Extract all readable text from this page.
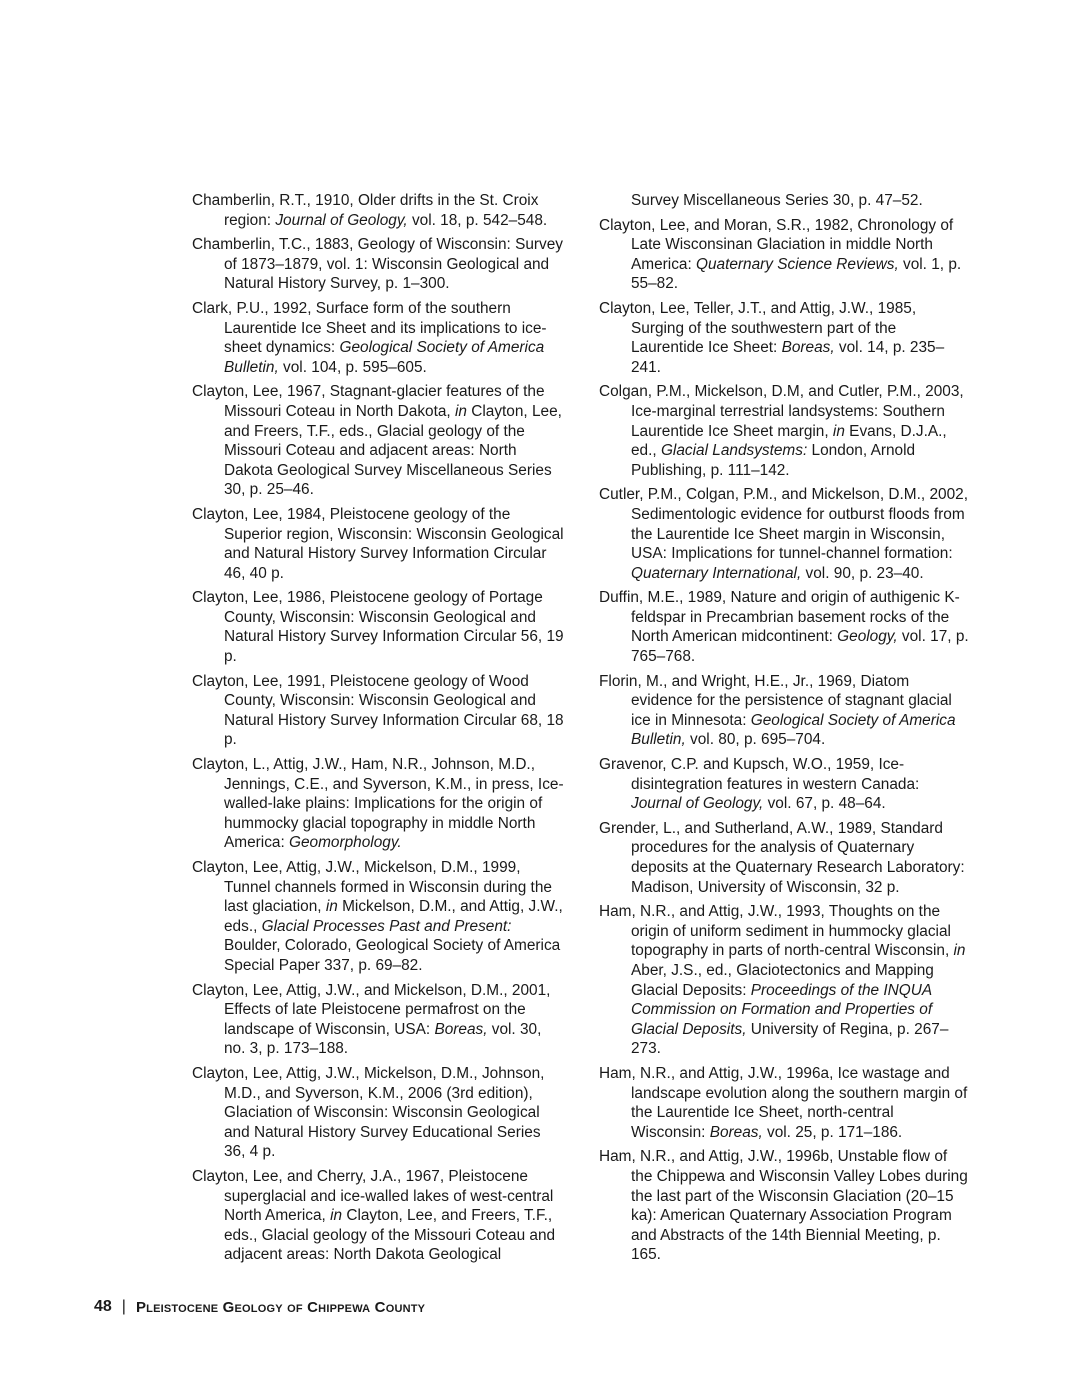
Chamberlin, R.T., 1910, Older drifts in the St. Croix region: Journal of Geology, vol. 18, p. 542–548.

Chamberlin, T.C., 1883, Geology of Wisconsin: Survey of 1873–1879, vol. 1: Wisconsin Geological and Natural History Survey, p. 1–300.

Clark, P.U., 1992, Surface form of the southern Laurentide Ice Sheet and its implications to ice-sheet dynamics: Geological Society of America Bulletin, vol. 104, p. 595–605.

Clayton, Lee, 1967, Stagnant-glacier features of the Missouri Coteau in North Dakota, in Clayton, Lee, and Freers, T.F., eds., Glacial geology of the Missouri Coteau and adjacent areas: North Dakota Geological Survey Miscellaneous Series 30, p. 25–46.

Clayton, Lee, 1984, Pleistocene geology of the Superior region, Wisconsin: Wisconsin Geological and Natural History Survey Information Circular 46, 40 p.

Clayton, Lee, 1986, Pleistocene geology of Portage County, Wisconsin: Wisconsin Geological and Natural History Survey Information Circular 56, 19 p.

Clayton, Lee, 1991, Pleistocene geology of Wood County, Wisconsin: Wisconsin Geological and Natural History Survey Information Circular 68, 18 p.

Clayton, L., Attig, J.W., Ham, N.R., Johnson, M.D., Jennings, C.E., and Syverson, K.M., in press, Ice-walled-lake plains: Implications for the origin of hummocky glacial topography in middle North America: Geomorphology.

Clayton, Lee, Attig, J.W., Mickelson, D.M., 1999, Tunnel channels formed in Wisconsin during the last glaciation, in Mickelson, D.M., and Attig, J.W., eds., Glacial Processes Past and Present: Boulder, Colorado, Geological Society of America Special Paper 337, p. 69–82.

Clayton, Lee, Attig, J.W., and Mickelson, D.M., 2001, Effects of late Pleistocene permafrost on the landscape of Wisconsin, USA: Boreas, vol. 30, no. 3, p. 173–188.

Clayton, Lee, Attig, J.W., Mickelson, D.M., Johnson, M.D., and Syverson, K.M., 2006 (3rd edition), Glaciation of Wisconsin: Wisconsin Geological and Natural History Survey Educational Series 36, 4 p.

Clayton, Lee, and Cherry, J.A., 1967, Pleistocene superglacial and ice-walled lakes of west-central North America, in Clayton, Lee, and Freers, T.F., eds., Glacial geology of the Missouri Coteau and adjacent areas: North Dakota Geological

Survey Miscellaneous Series 30, p. 47–52.

Clayton, Lee, and Moran, S.R., 1982, Chronology of Late Wisconsinan Glaciation in middle North America: Quaternary Science Reviews, vol. 1, p. 55–82.

Clayton, Lee, Teller, J.T., and Attig, J.W., 1985, Surging of the southwestern part of the Laurentide Ice Sheet: Boreas, vol. 14, p. 235–241.

Colgan, P.M., Mickelson, D.M, and Cutler, P.M., 2003, Ice-marginal terrestrial landsystems: Southern Laurentide Ice Sheet margin, in Evans, D.J.A., ed., Glacial Landsystems: London, Arnold Publishing, p. 111–142.

Cutler, P.M., Colgan, P.M., and Mickelson, D.M., 2002, Sedimentologic evidence for outburst floods from the Laurentide Ice Sheet margin in Wisconsin, USA: Implications for tunnel-channel formation: Quaternary International, vol. 90, p. 23–40.

Duffin, M.E., 1989, Nature and origin of authigenic K-feldspar in Precambrian basement rocks of the North American midcontinent: Geology, vol. 17, p. 765–768.

Florin, M., and Wright, H.E., Jr., 1969, Diatom evidence for the persistence of stagnant glacial ice in Minnesota: Geological Society of America Bulletin, vol. 80, p. 695–704.

Gravenor, C.P. and Kupsch, W.O., 1959, Ice-disintegration features in western Canada: Journal of Geology, vol. 67, p. 48–64.

Grender, L., and Sutherland, A.W., 1989, Standard procedures for the analysis of Quaternary deposits at the Quaternary Research Laboratory: Madison, University of Wisconsin, 32 p.

Ham, N.R., and Attig, J.W., 1993, Thoughts on the origin of uniform sediment in hummocky glacial topography in parts of north-central Wisconsin, in Aber, J.S., ed., Glaciotectonics and Mapping Glacial Deposits: Proceedings of the INQUA Commission on Formation and Properties of Glacial Deposits, University of Regina, p. 267–273.

Ham, N.R., and Attig, J.W., 1996a, Ice wastage and landscape evolution along the southern margin of the Laurentide Ice Sheet, north-central Wisconsin: Boreas, vol. 25, p. 171–186.

Ham, N.R., and Attig, J.W., 1996b, Unstable flow of the Chippewa and Wisconsin Valley Lobes during the last part of the Wisconsin Glaciation (20–15 ka): American Quaternary Association Program and Abstracts of the 14th Biennial Meeting, p. 165.

48 | Pleistocene Geology of Chippewa County
